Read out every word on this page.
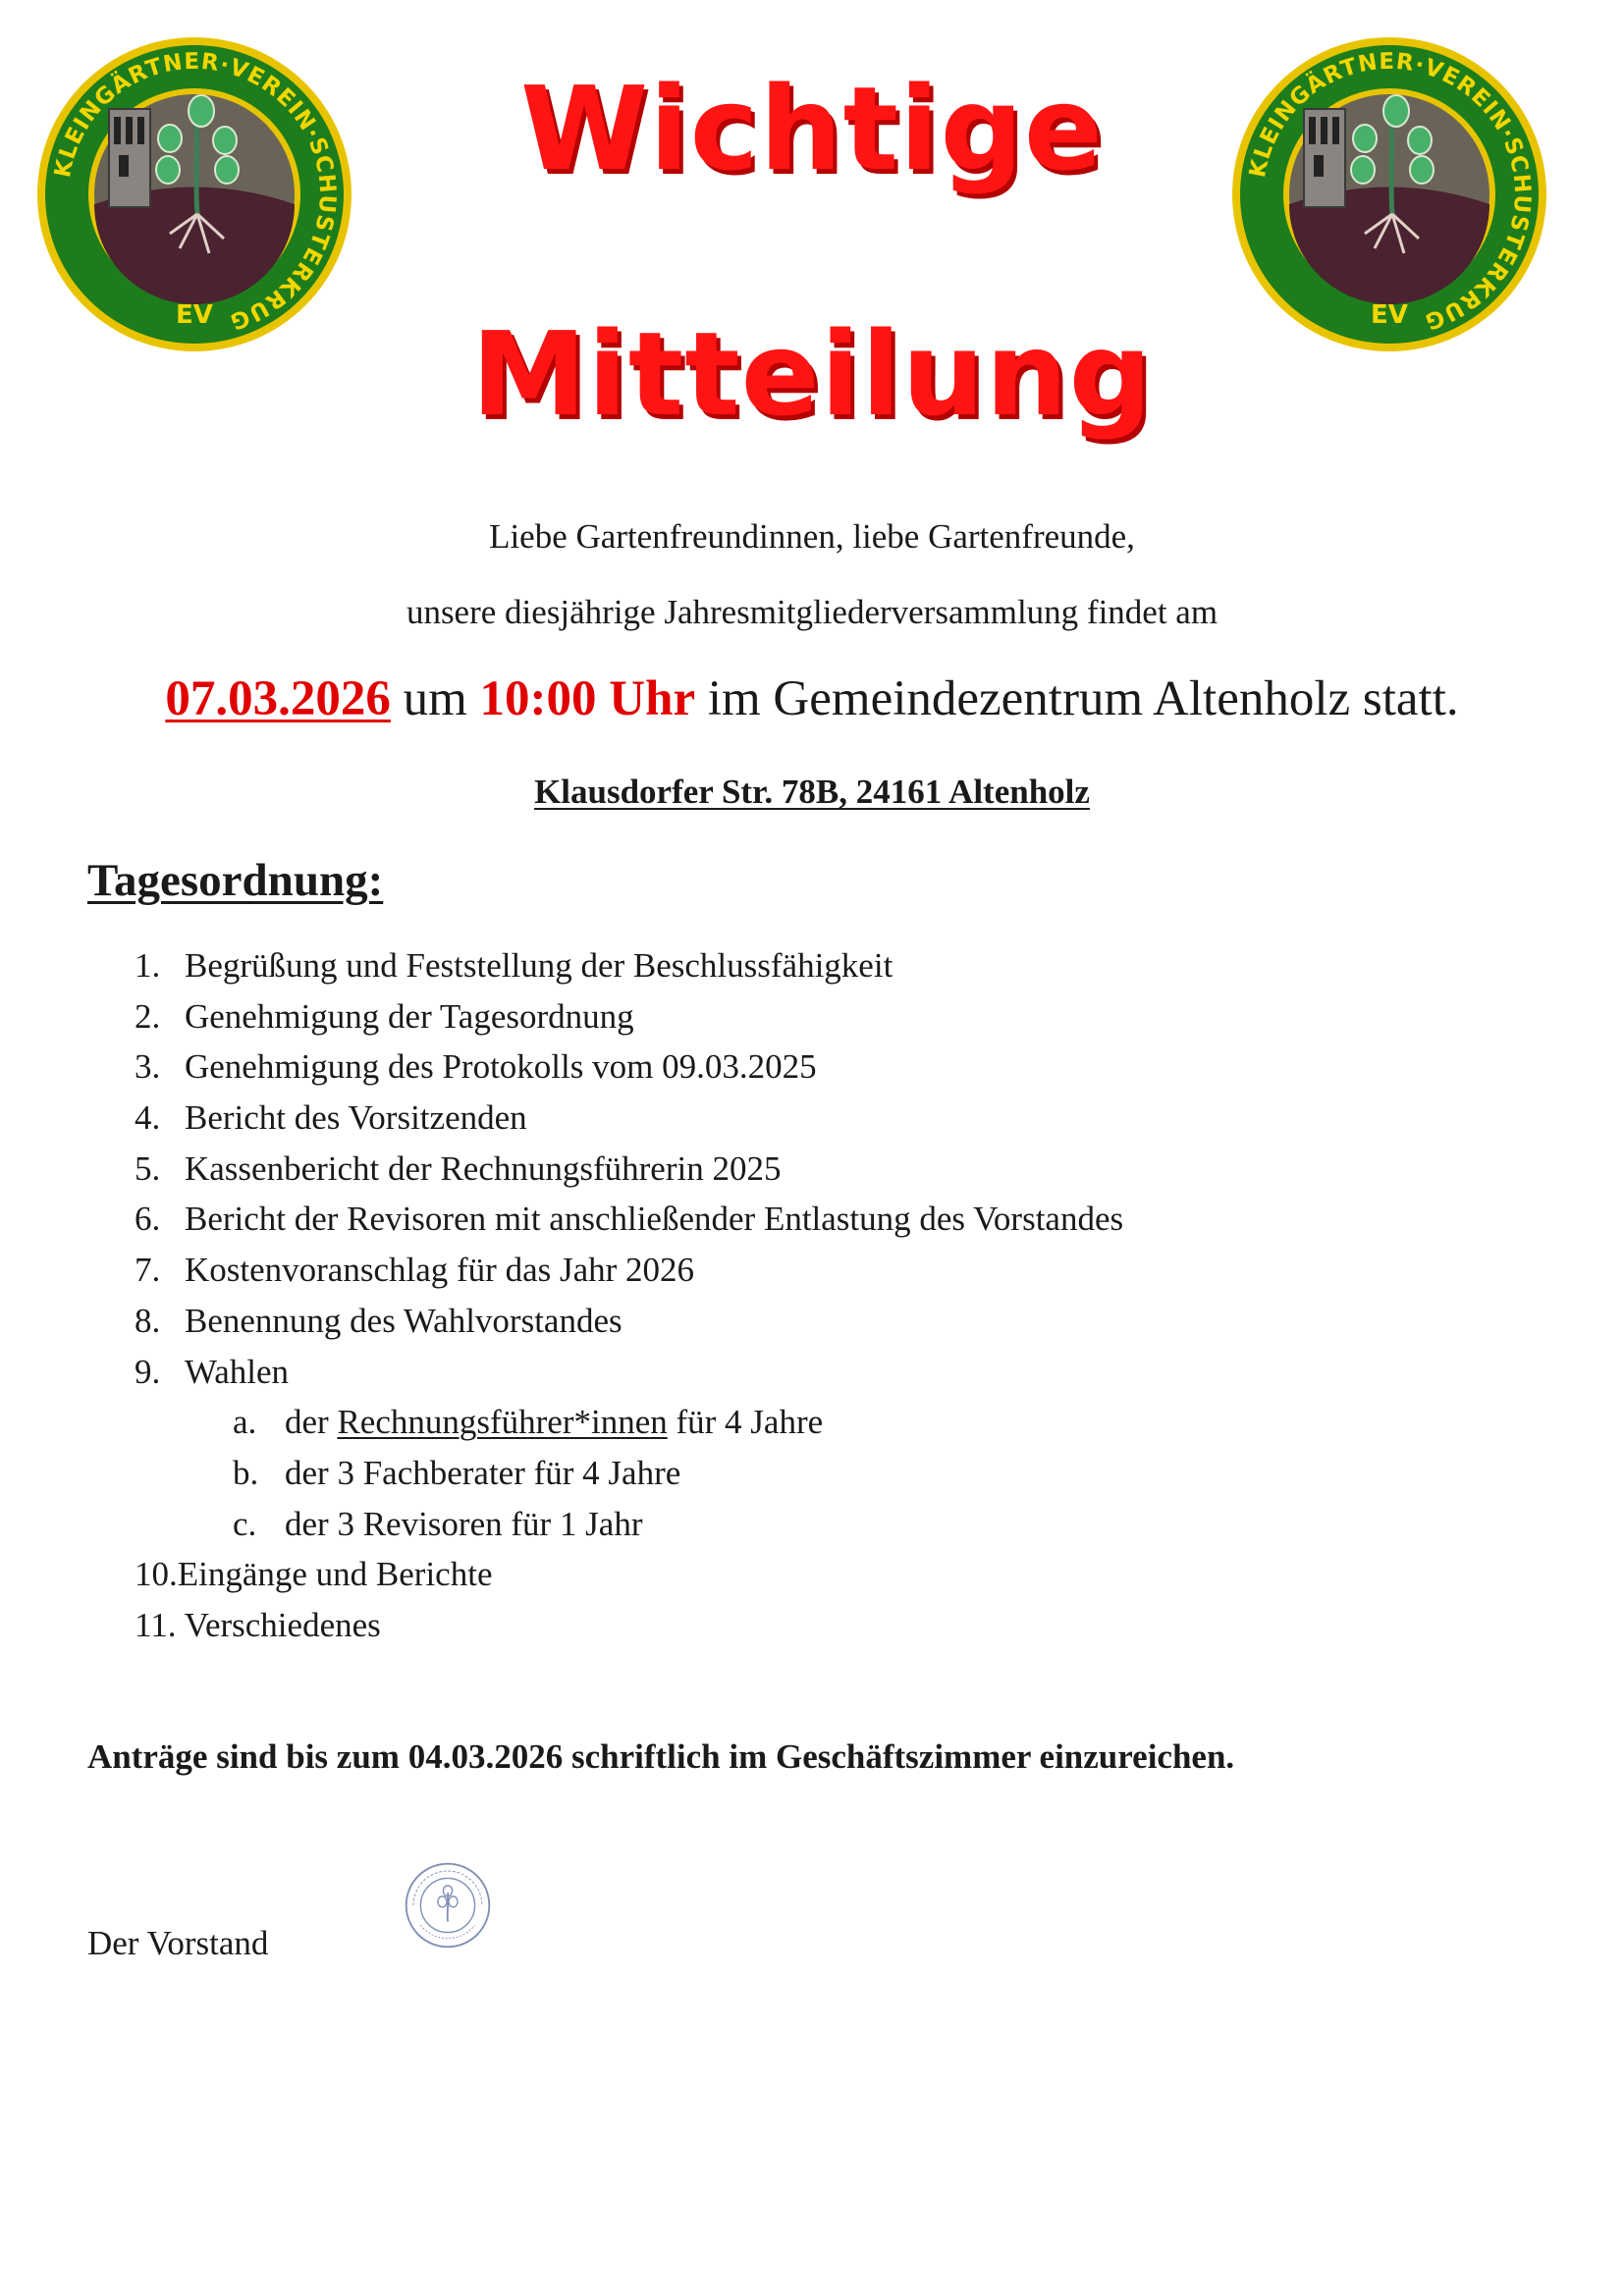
KLEINGÄRTNER·VEREIN·SCHUSTERKRUG
EV
KLEINGÄRTNER·VEREIN·SCHUSTERKRUG
EV
Wichtige
Mitteilung
Liebe Gartenfreundinnen, liebe Gartenfreunde,
unsere diesjährige Jahresmitgliederversammlung findet am
07.03.2026 um 10:00 Uhr im Gemeindezentrum Altenholz statt.
Klausdorfer Str. 78B, 24161 Altenholz
Tagesordnung:
1. Begrüßung und Feststellung der Beschlussfähigkeit
2. Genehmigung der Tagesordnung
3. Genehmigung des Protokolls vom 09.03.2025
4. Bericht des Vorsitzenden
5. Kassenbericht der Rechnungsführerin 2025
6. Bericht der Revisoren mit anschließender Entlastung des Vorstandes
7. Kostenvoranschlag für das Jahr 2026
8. Benennung des Wahlvorstandes
9. Wahlen
a. der Rechnungsführer*innen für 4 Jahre
b. der 3 Fachberater für 4 Jahre
c. der 3 Revisoren für 1 Jahr
10.Eingänge und Berichte
11. Verschiedenes
Anträge sind bis zum 04.03.2026 schriftlich im Geschäftszimmer einzureichen.
Der Vorstand
